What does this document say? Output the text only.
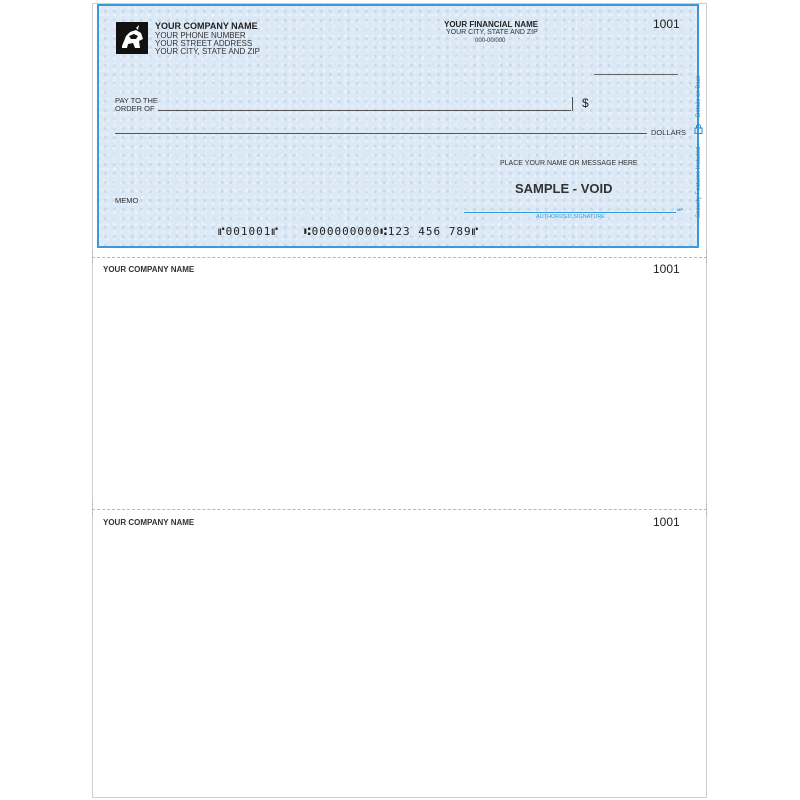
YOUR COMPANY NAME
YOUR PHONE NUMBER
YOUR STREET ADDRESS
YOUR CITY, STATE AND ZIP
YOUR FINANCIAL NAME
YOUR CITY, STATE AND ZIP
000-00/000
1001
PAY TO THE
ORDER OF	$
DOLLARS
PLACE YOUR NAME OR MESSAGE HERE
SAMPLE - VOID
MEMO
MP
AUTHORIZED SIGNATURE
⑈001001⑈ ⑆000000000⑆123 456 789⑈
Details on Back
Security Features Included
YOUR COMPANY NAME	1001
YOUR COMPANY NAME	1001
